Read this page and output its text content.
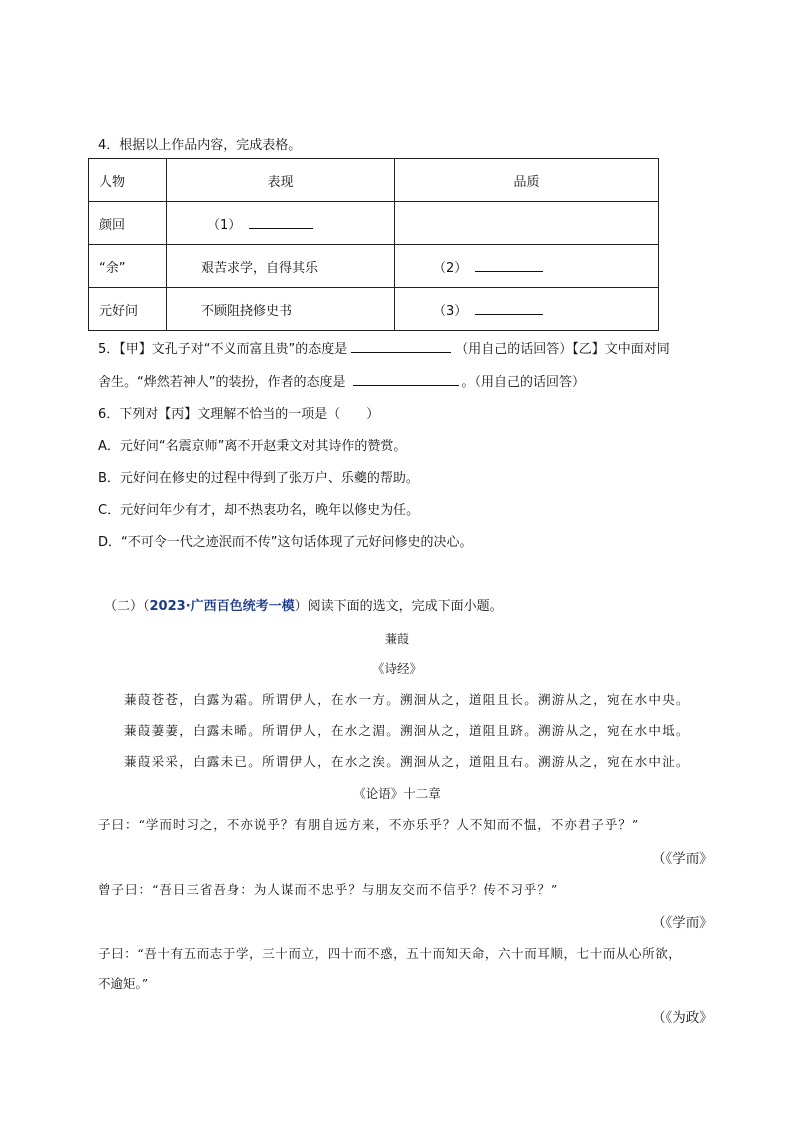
4．根据以上作品内容，完成表格。
人物	表现	品质
颜回	（1）	
“余”	艰苦求学，自得其乐	（2）
元好问	不顾阻挠修史书	（3）
5．【甲】文孔子对“不义而富且贵”的态度是	（用自己的话回答）【乙】文中面对同
舍生。“烨然若神人”的装扮，作者的态度是	。（用自己的话回答）
6．下列对【丙】文理解不恰当的一项是（　　）
A．元好问“名震京师”离不开赵秉文对其诗作的赞赏。
B．元好问在修史的过程中得到了张万户、乐夔的帮助。
C．元好问年少有才，却不热衷功名，晚年以修史为任。
D．“不可令一代之迹泯而不传”这句话体现了元好问修史的决心。
（二）（2023·广西百色统考一模）阅读下面的选文，完成下面小题。
蒹葭
《诗经》
蒹葭苍苍，白露为霜。所谓伊人，在水一方。溯洄从之，道阻且长。溯游从之，宛在水中央。
蒹葭萋萋，白露未晞。所谓伊人，在水之湄。溯洄从之，道阻且跻。溯游从之，宛在水中坻。
蒹葭采采，白露未已。所谓伊人，在水之涘。溯洄从之，道阻且右。溯游从之，宛在水中沚。
《论语》十二章
子曰：“学而时习之，不亦说乎？有朋自远方来，不亦乐乎？人不知而不愠，不亦君子乎？”
（《学而》
曾子曰：“吾日三省吾身：为人谋而不忠乎？与朋友交而不信乎？传不习乎？”
（《学而》
子曰：“吾十有五而志于学，三十而立，四十而不惑，五十而知天命，六十而耳顺，七十而从心所欲，
不逾矩。”
（《为政》
